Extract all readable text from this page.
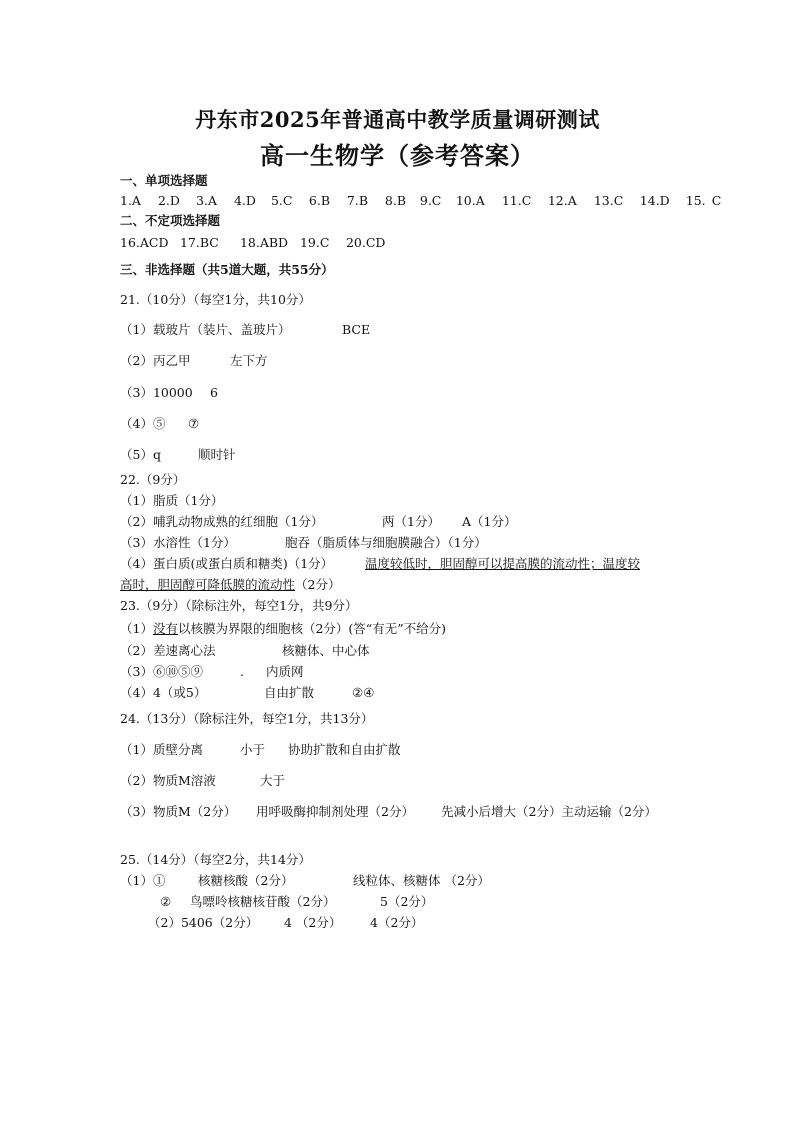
丹东市2025年普通高中教学质量调研测试
高一生物学（参考答案）
一、单项选择题
1.A 2.D 3.A 4.D 5.C 6.B 7.B 8.B 9.C 10.A 11.C 12.A 13.C 14.D 15. C
二、不定项选择题
16.ACD 17.BC 18.ABD 19.C 20.CD
三、非选择题（共5道大题，共55分）
21.（10分）（每空1分，共10分）
（1）载玻片（装片、盖玻片）	BCE
（2）丙乙甲	左下方
（3）10000 6
（4）⑤ ⑦
（5）q	顺时针
22.（9分）
（1）脂质（1分）
（2）哺乳动物成熟的红细胞（1分）	两（1分） A（1分）
（3）水溶性（1分）	胞吞（脂质体与细胞膜融合）（1分）
（4）蛋白质(或蛋白质和糖类)（1分）	温度较低时，胆固醇可以提高膜的流动性；温度较
高时，胆固醇可降低膜的流动性（2分）
23.（9分）（除标注外，每空1分，共9分）
（1）没有以核膜为界限的细胞核（2分）(答“有无”不给分)
（2）差速离心法	核糖体、中心体
（3）⑥⑩⑤⑨	. 内质网
（4）4（或5）	自由扩散	②④
24.（13分）（除标注外，每空1分，共13分）
（1）质壁分离	小于 协助扩散和自由扩散
（2）物质M溶液	大于
（3）物质M（2分） 用呼吸酶抑制剂处理（2分） 先减小后增大（2分）主动运输（2分）
25.（14分）（每空2分，共14分）
（1）①	核糖核酸（2分）	线粒体、核糖体 （2分）
② 鸟嘌呤核糖核苷酸（2分）	5（2分）
（2）5406（2分） 4 （2分） 4（2分）
